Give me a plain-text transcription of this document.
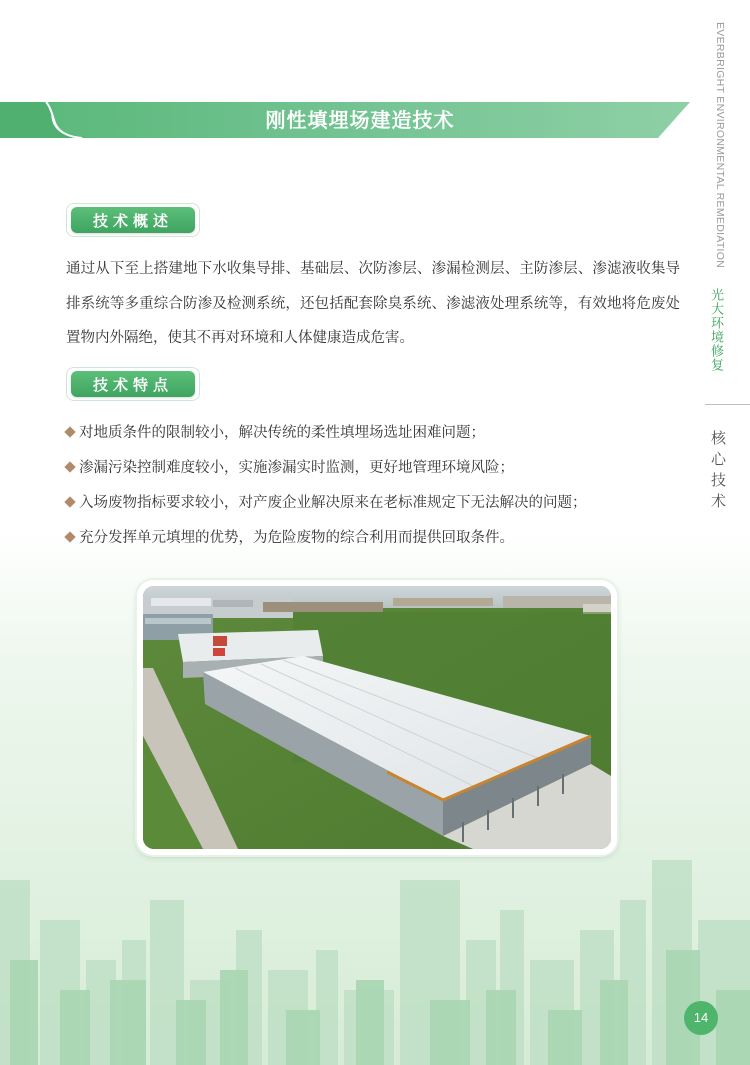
EVERBRIGHT ENVIRONMENTAL REMEDIATION
光大环境修复
核心技术
刚性填埋场建造技术
技术概述

通过从下至上搭建地下水收集导排、基础层、次防渗层、渗漏检测层、主防渗层、渗滤液收集导排系统等多重综合防渗及检测系统，还包括配套除臭系统、渗滤液处理系统等，有效地将危废处置物内外隔绝，使其不再对环境和人体健康造成危害。

技术特点
对地质条件的限制较小，解决传统的柔性填埋场选址困难问题；
渗漏污染控制难度较小，实施渗漏实时监测，更好地管理环境风险；
入场废物指标要求较小，对产废企业解决原来在老标准规定下无法解决的问题；
充分发挥单元填埋的优势，为危险废物的综合利用而提供回取条件。
14
